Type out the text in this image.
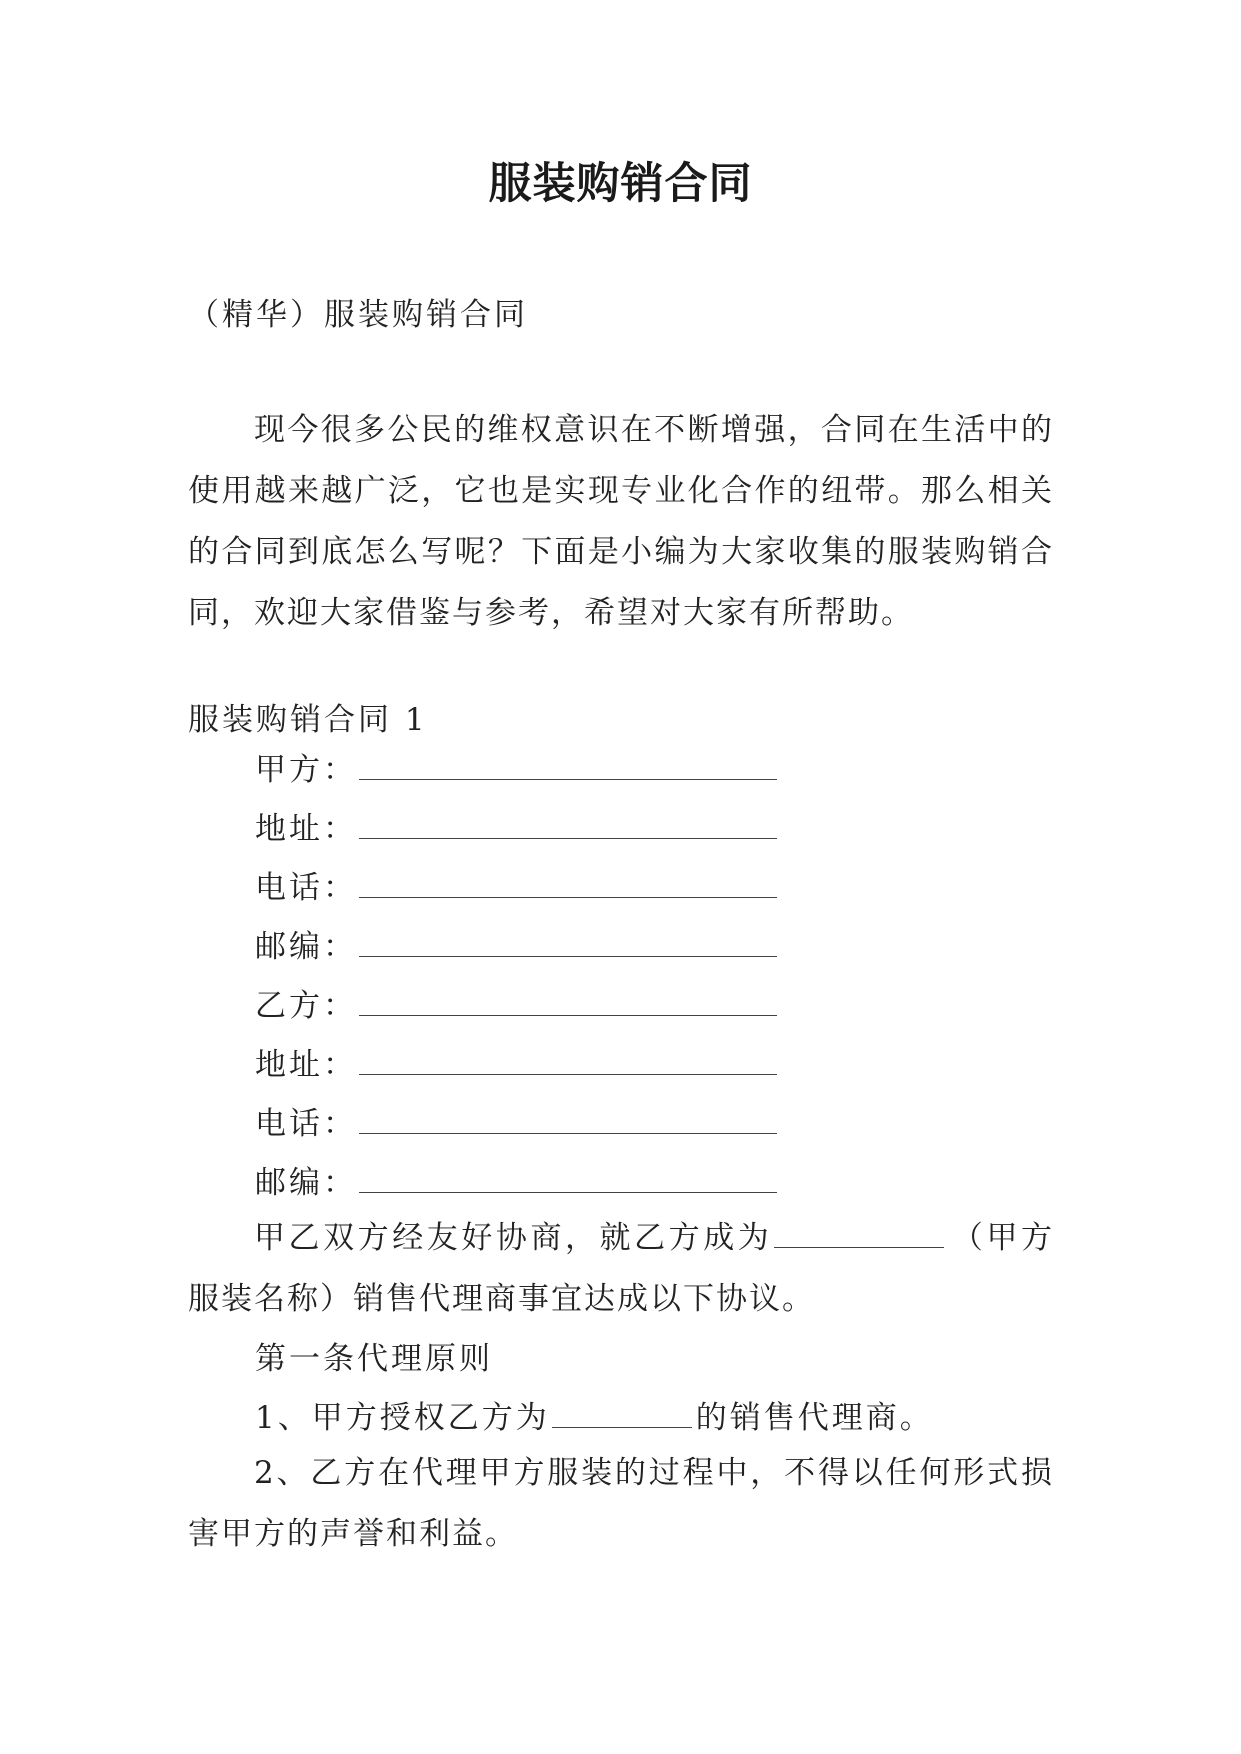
服装购销合同
（精华）服装购销合同
现今很多公民的维权意识在不断增强，合同在生活中的使用越来越广泛，它也是实现专业化合作的纽带。那么相关的合同到底怎么写呢？下面是小编为大家收集的服装购销合同，欢迎大家借鉴与参考，希望对大家有所帮助。
服装购销合同 1
甲方：
地址：
电话：
邮编：
乙方：
地址：
电话：
邮编：
甲乙双方经友好协商，就乙方成为	（甲方服装名称）销售代理商事宜达成以下协议。
第一条代理原则
1、甲方授权乙方为	的销售代理商。
2、乙方在代理甲方服装的过程中，不得以任何形式损害甲方的声誉和利益。
